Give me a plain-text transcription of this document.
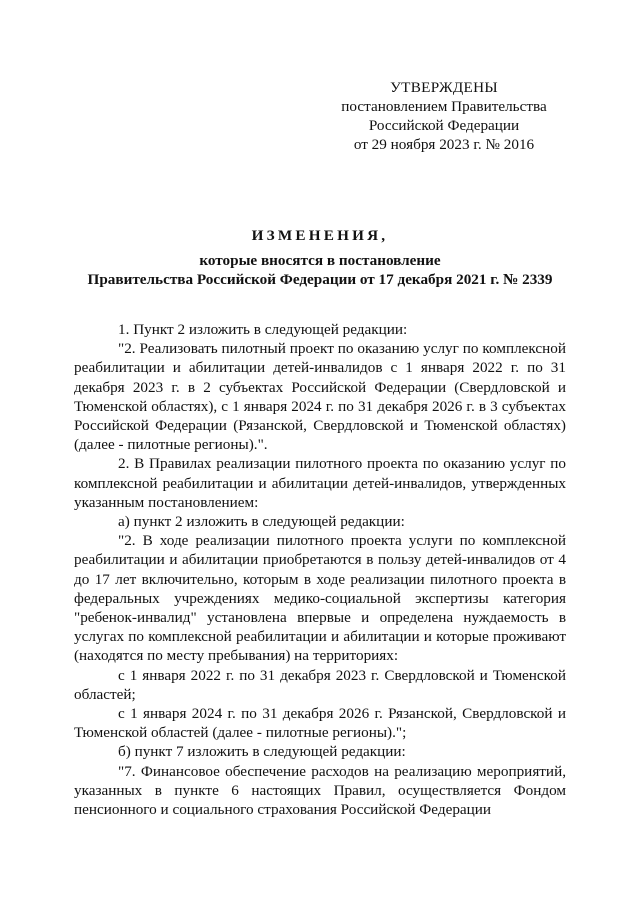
УТВЕРЖДЕНЫ
постановлением Правительства
Российской Федерации
от 29 ноября 2023 г. № 2016
ИЗМЕНЕНИЯ,
которые вносятся в постановление
Правительства Российской Федерации от 17 декабря 2021 г. № 2339

1. Пункт 2 изложить в следующей редакции:

"2. Реализовать пилотный проект по оказанию услуг по комплексной реабилитации и абилитации детей-инвалидов с 1 января 2022 г. по 31 декабря 2023 г. в 2 субъектах Российской Федерации (Свердловской и Тюменской областях), с 1 января 2024 г. по 31 декабря 2026 г. в 3 субъектах Российской Федерации (Рязанской, Свердловской и Тюменской областях) (далее - пилотные регионы).".

2. В Правилах реализации пилотного проекта по оказанию услуг по комплексной реабилитации и абилитации детей-инвалидов, утвержденных указанным постановлением:

а) пункт 2 изложить в следующей редакции:

"2. В ходе реализации пилотного проекта услуги по комплексной реабилитации и абилитации приобретаются в пользу детей-инвалидов от 4 до 17 лет включительно, которым в ходе реализации пилотного проекта в федеральных учреждениях медико-социальной экспертизы категория "ребенок-инвалид" установлена впервые и определена нуждаемость в услугах по комплексной реабилитации и абилитации и которые проживают (находятся по месту пребывания) на территориях:

с 1 января 2022 г. по 31 декабря 2023 г. Свердловской и Тюменской областей;

с 1 января 2024 г. по 31 декабря 2026 г. Рязанской, Свердловской и Тюменской областей (далее - пилотные регионы).";

б) пункт 7 изложить в следующей редакции:

"7. Финансовое обеспечение расходов на реализацию мероприятий, указанных в пункте 6 настоящих Правил, осуществляется Фондом пенсионного и социального страхования Российской Федерации
